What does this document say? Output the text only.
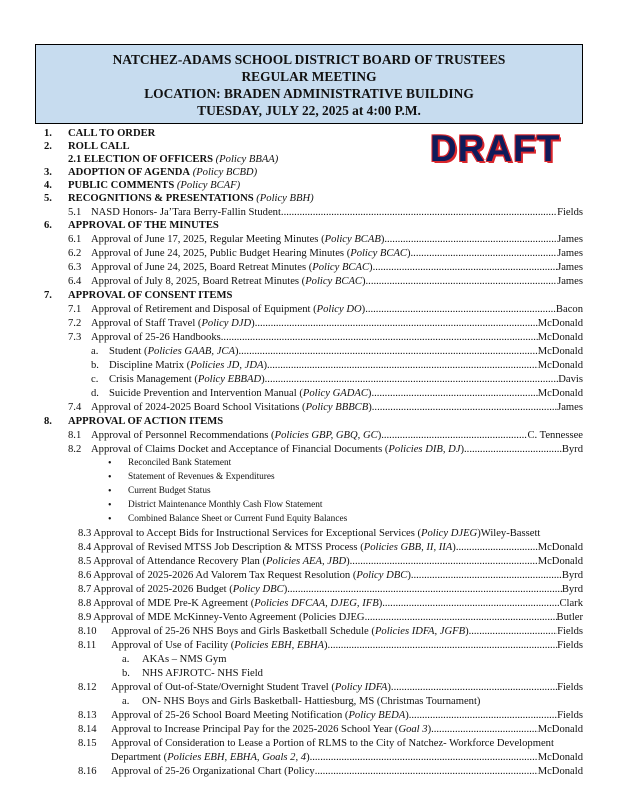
NATCHEZ-ADAMS SCHOOL DISTRICT BOARD OF TRUSTEES
REGULAR MEETING
LOCATION: BRADEN ADMINISTRATIVE BUILDING
TUESDAY, JULY 22, 2025 at 4:00 P.M.
DRAFT
1. CALL TO ORDER
2. ROLL CALL
2.1 ELECTION OF OFFICERS (Policy BBAA)
3. ADOPTION OF AGENDA (Policy BCBD)
4. PUBLIC COMMENTS (Policy BCAF)
5. RECOGNITIONS & PRESENTATIONS (Policy BBH)
5.1 NASD Honors- Ja’Tara Berry-Fallin Student .....	Fields
6. APPROVAL OF THE MINUTES
6.1 Approval of June 17, 2025, Regular Meeting Minutes (Policy BCAB) .....	James
6.2 Approval of June 24, 2025, Public Budget Hearing Minutes (Policy BCAC) .....	James
6.3 Approval of June 24, 2025, Board Retreat Minutes (Policy BCAC) .....	James
6.4 Approval of July 8, 2025, Board Retreat Minutes (Policy BCAC) .....	James
7. APPROVAL OF CONSENT ITEMS
7.1 Approval of Retirement and Disposal of Equipment (Policy DO) .....	Bacon
7.2 Approval of Staff Travel (Policy DJD) .....	McDonald
7.3 Approval of 25-26 Handbooks .....	McDonald
a. Student (Policies GAAB, JCA) .....	McDonald
b. Discipline Matrix (Policies JD, JDA) .....	McDonald
c. Crisis Management (Policy EBBAD) .....	Davis
d. Suicide Prevention and Intervention Manual (Policy GADAC) .....	McDonald
7.4 Approval of 2024-2025 Board School Visitations (Policy BBBCB) .....	James
8. APPROVAL OF ACTION ITEMS
8.1 Approval of Personnel Recommendations (Policies GBP, GBQ, GC) .....	C. Tennessee
8.2 Approval of Claims Docket and Acceptance of Financial Documents (Policies DIB, DJ) .....	Byrd
• Reconciled Bank Statement
• Statement of Revenues & Expenditures
• Current Budget Status
• District Maintenance Monthly Cash Flow Statement
• Combined Balance Sheet or Current Fund Equity Balances
8.3 Approval to Accept Bids for Instructional Services for Exceptional Services (Policy DJEG) Wiley-Bassett
8.4 Approval of Revised MTSS Job Description & MTSS Process (Policies GBB, II, IIA) .....	McDonald
8.5 Approval of Attendance Recovery Plan (Policies AEA, JBD) .....	McDonald
8.6 Approval of 2025-2026 Ad Valorem Tax Request Resolution (Policy DBC) .....	Byrd
8.7 Approval of 2025-2026 Budget (Policy DBC) .....	Byrd
8.8 Approval of MDE Pre-K Agreement (Policies DFCAA, DJEG, IFB) .....	Clark
8.9 Approval of MDE McKinney-Vento Agreement (Policies DJEG .....	Butler
8.10 Approval of 25-26 NHS Boys and Girls Basketball Schedule (Policies IDFA, JGFB) .....	Fields
8.11 Approval of Use of Facility (Policies EBH, EBHA) .....	Fields
a. AKAs – NMS Gym
b. NHS AFJROTC- NHS Field
8.12 Approval of Out-of-State/Overnight Student Travel (Policy IDFA) .....	Fields
a. ON- NHS Boys and Girls Basketball- Hattiesburg, MS (Christmas Tournament)
8.13 Approval of 25-26 School Board Meeting Notification (Policy BEDA) .....	Fields
8.14 Approval to Increase Principal Pay for the 2025-2026 School Year (Goal 3) .....	McDonald
8.15 Approval of Consideration to Lease a Portion of RLMS to the City of Natchez- Workforce Development
Department (Policies EBH, EBHA, Goals 2, 4) .....	McDonald
8.16 Approval of 25-26 Organizational Chart (Policy .....	McDonald
